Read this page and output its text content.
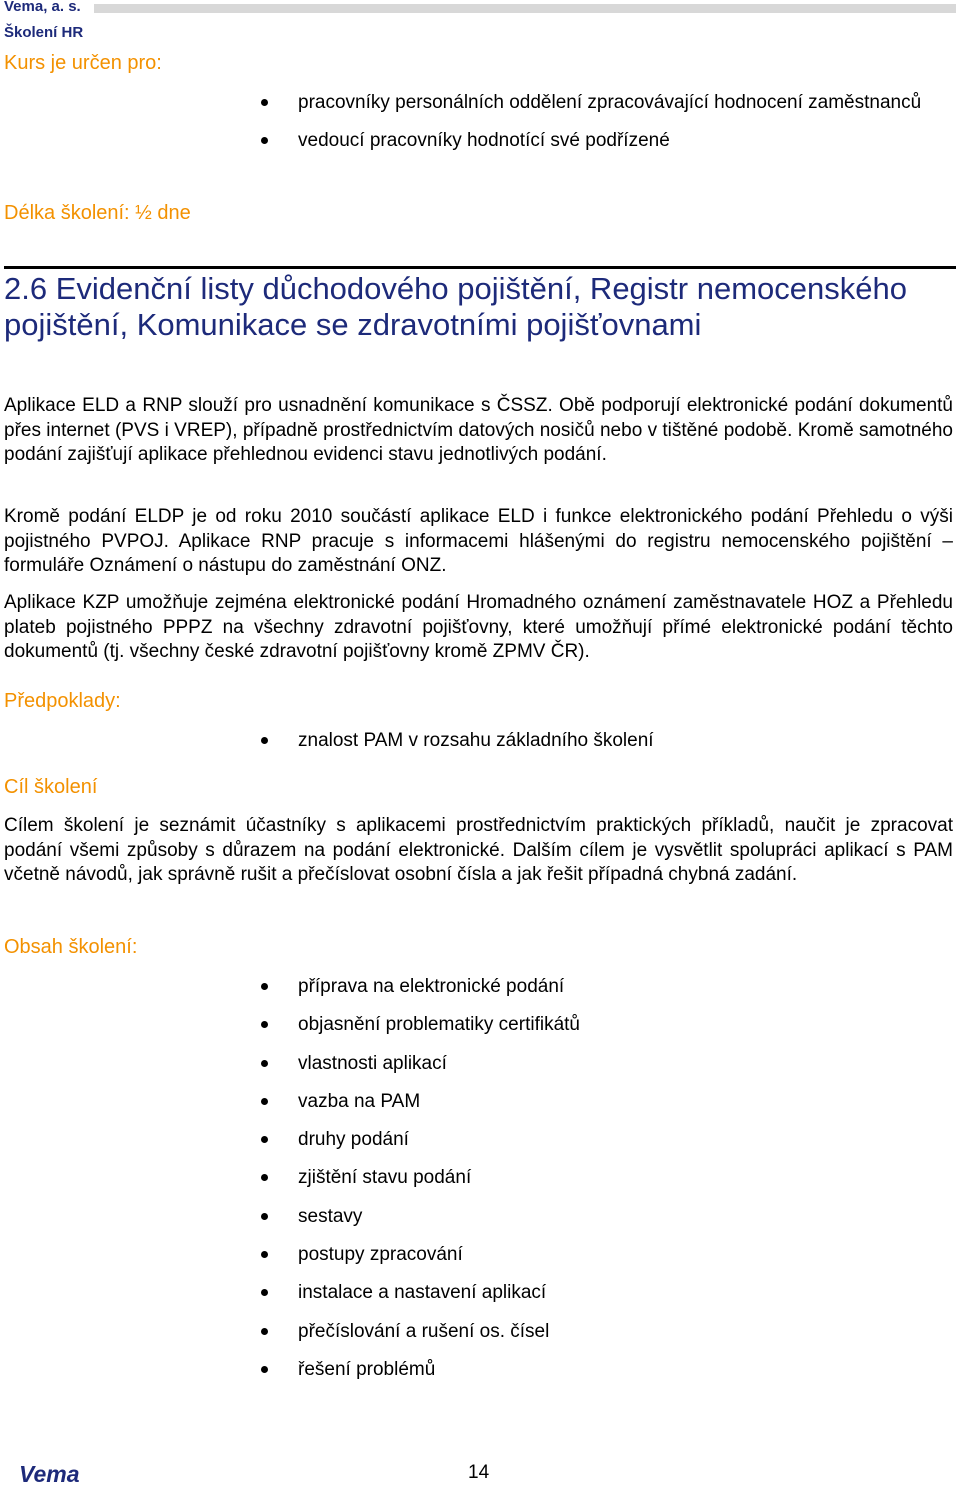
Vema, a. s.
Školení HR
Kurs je určen pro:
pracovníky personálních oddělení zpracovávající hodnocení zaměstnanců
vedoucí pracovníky hodnotící své podřízené
Délka školení: ½ dne
2.6 Evidenční listy důchodového pojištění, Registr nemocenského pojištění, Komunikace se zdravotními pojišťovnami

Aplikace ELD a RNP slouží pro usnadnění komunikace s ČSSZ. Obě podporují elektronické podání dokumentů přes internet (PVS i VREP), případně prostřednictvím datových nosičů nebo v tištěné podobě. Kromě samotného podání zajišťují aplikace přehlednou evidenci stavu jednotlivých podání.

Kromě podání ELDP je od roku 2010 součástí aplikace ELD i funkce elektronického podání Přehledu o výši pojistného PVPOJ. Aplikace RNP pracuje s informacemi hlášenými do registru nemocenského pojištění – formuláře Oznámení o nástupu do zaměstnání ONZ.

Aplikace KZP umožňuje zejména elektronické podání Hromadného oznámení zaměstnavatele HOZ a Přehledu plateb pojistného PPPZ na všechny zdravotní pojišťovny, které umožňují přímé elektronické podání těchto dokumentů (tj. všechny české zdravotní pojišťovny kromě ZPMV ČR).

Předpoklady:
znalost PAM v rozsahu základního školení
Cíl školení

Cílem školení je seznámit účastníky s aplikacemi prostřednictvím praktických příkladů, naučit je zpracovat podání všemi způsoby s důrazem na podání elektronické. Dalším cílem je vysvětlit spolupráci aplikací s PAM včetně návodů, jak správně rušit a přečíslovat osobní čísla a jak řešit případná chybná zadání.

Obsah školení:
příprava na elektronické podání
objasnění problematiky certifikátů
vlastnosti aplikací
vazba na PAM
druhy podání
zjištění stavu podání
sestavy
postupy zpracování
instalace a nastavení aplikací
přečíslování a rušení os. čísel
řešení problémů
Vema	14
